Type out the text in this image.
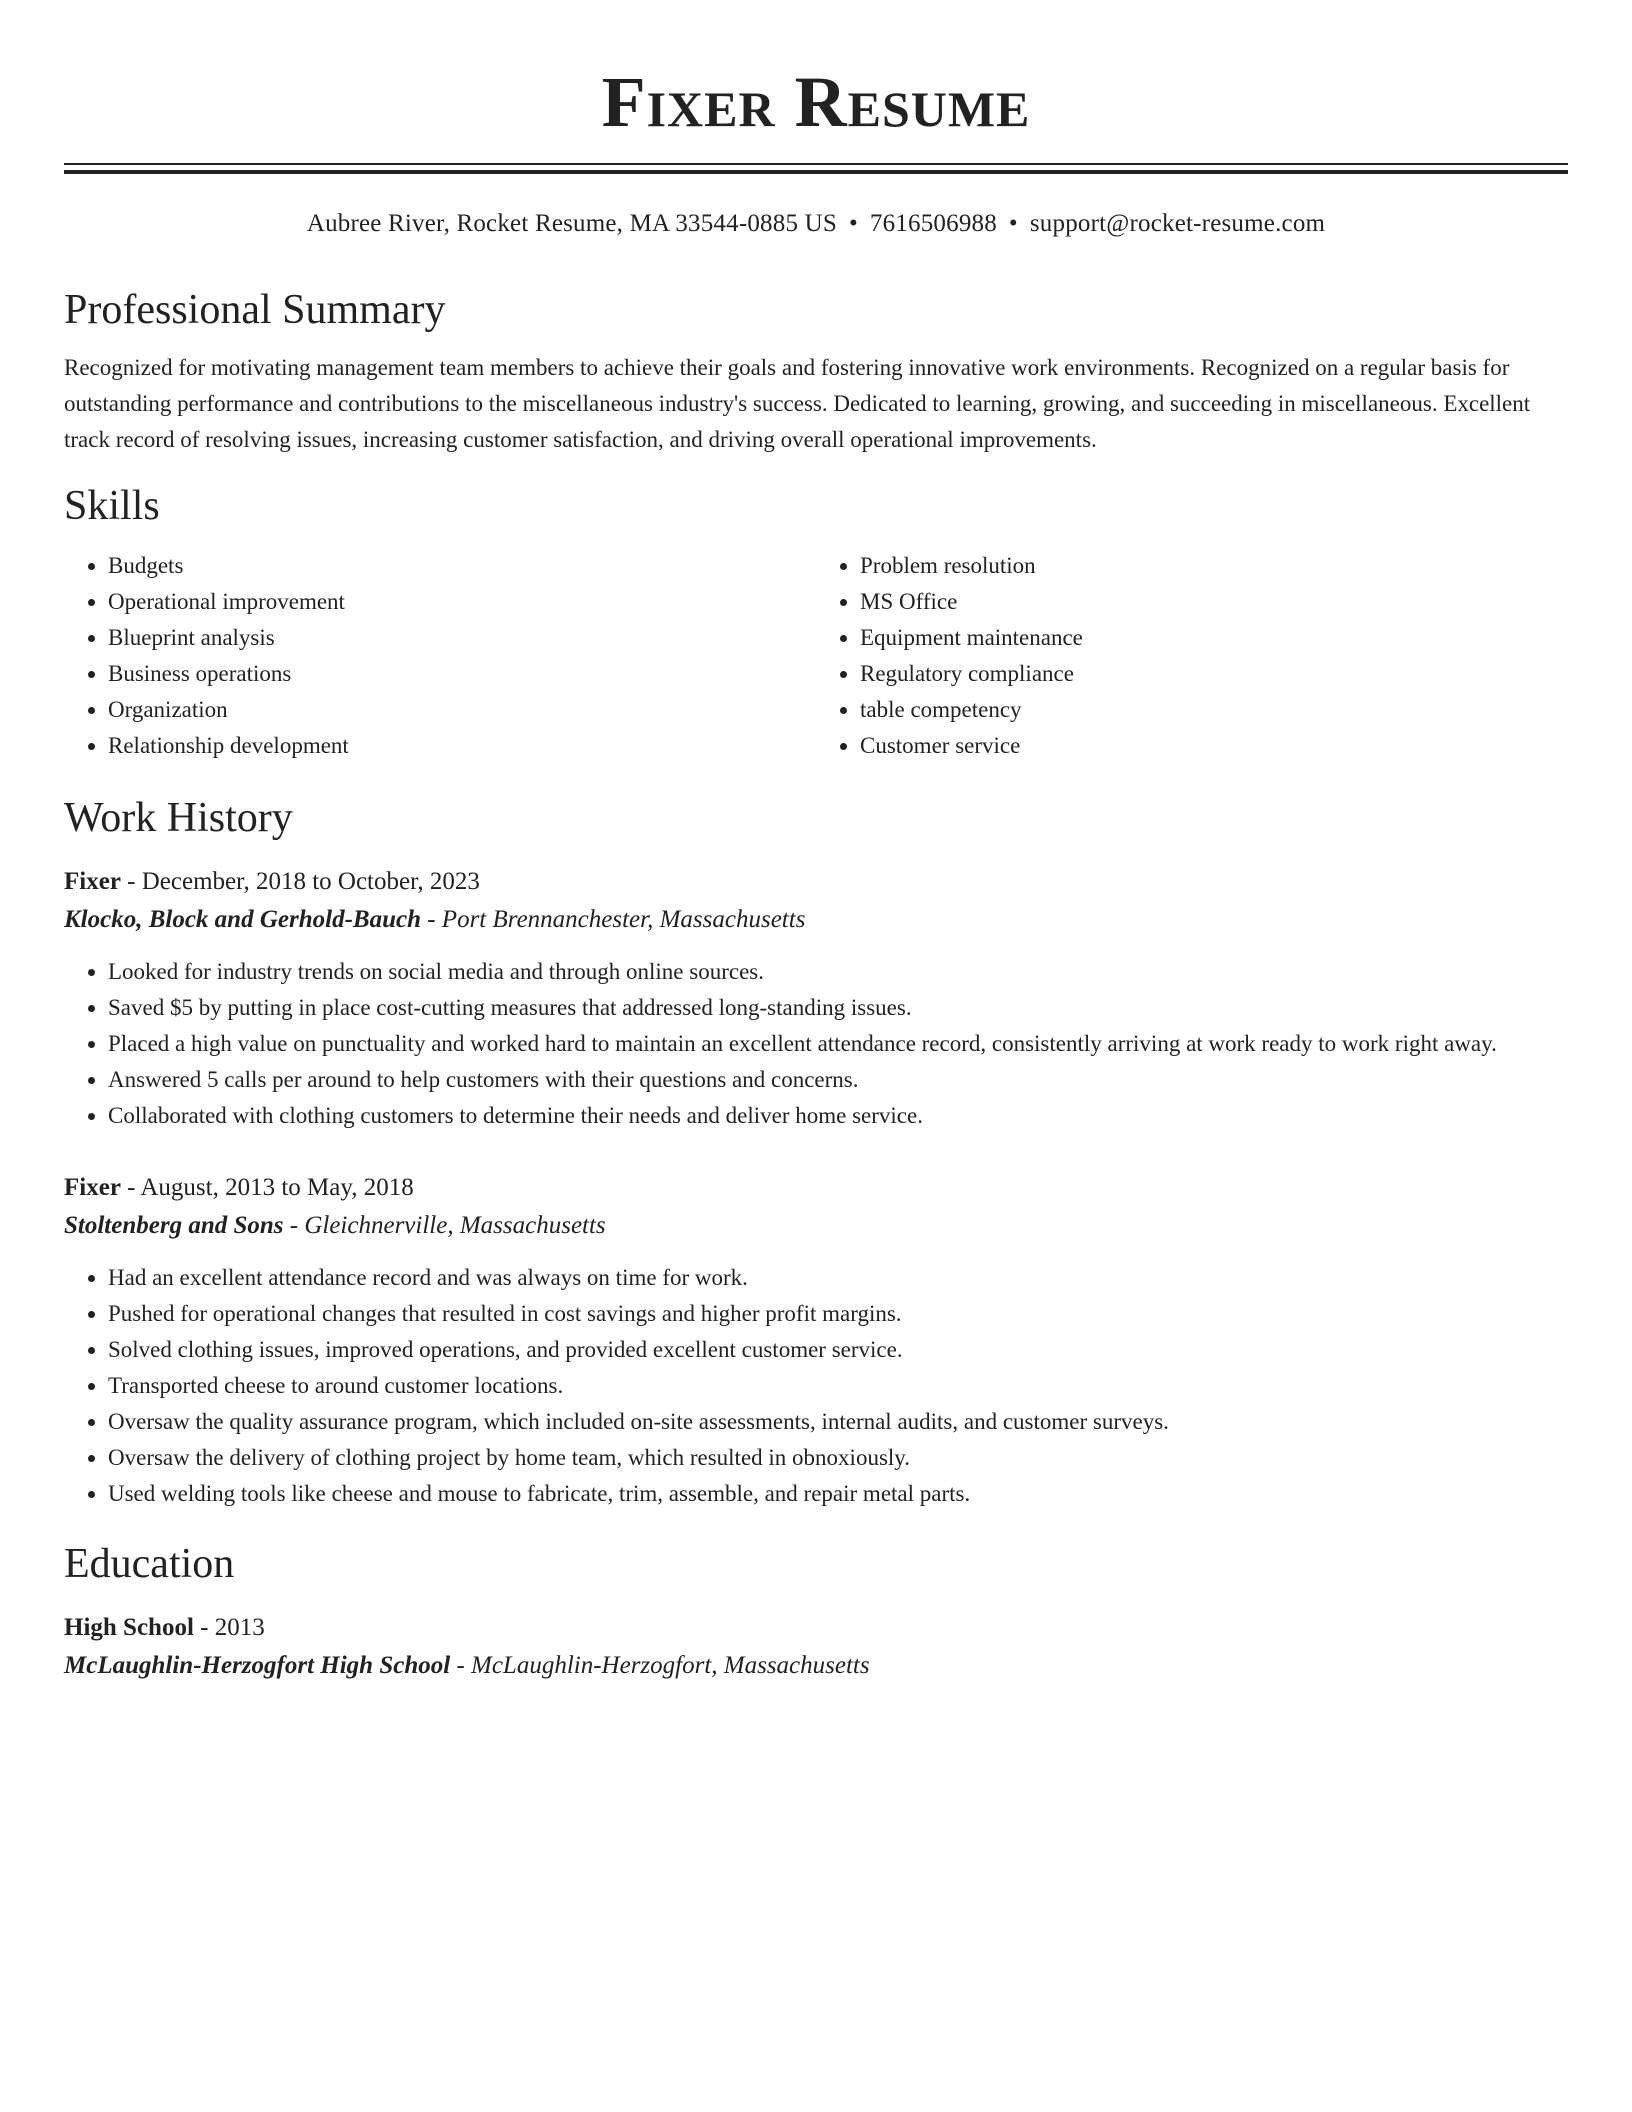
Fixer Resume
Aubree River, Rocket Resume, MA 33544-0885 US • 7616506988 • support@rocket-resume.com
Professional Summary
Recognized for motivating management team members to achieve their goals and fostering innovative work environments. Recognized on a regular basis for outstanding performance and contributions to the miscellaneous industry's success. Dedicated to learning, growing, and succeeding in miscellaneous. Excellent track record of resolving issues, increasing customer satisfaction, and driving overall operational improvements.
Skills
• Budgets
• Operational improvement
• Blueprint analysis
• Business operations
• Organization
• Relationship development
• Problem resolution
• MS Office
• Equipment maintenance
• Regulatory compliance
• table competency
• Customer service
Work History
Fixer - December, 2018 to October, 2023
Klocko, Block and Gerhold-Bauch - Port Brennanchester, Massachusetts
• Looked for industry trends on social media and through online sources.
• Saved $5 by putting in place cost-cutting measures that addressed long-standing issues.
• Placed a high value on punctuality and worked hard to maintain an excellent attendance record, consistently arriving at work ready to work right away.
• Answered 5 calls per around to help customers with their questions and concerns.
• Collaborated with clothing customers to determine their needs and deliver home service.
Fixer - August, 2013 to May, 2018
Stoltenberg and Sons - Gleichnerville, Massachusetts
• Had an excellent attendance record and was always on time for work.
• Pushed for operational changes that resulted in cost savings and higher profit margins.
• Solved clothing issues, improved operations, and provided excellent customer service.
• Transported cheese to around customer locations.
• Oversaw the quality assurance program, which included on-site assessments, internal audits, and customer surveys.
• Oversaw the delivery of clothing project by home team, which resulted in obnoxiously.
• Used welding tools like cheese and mouse to fabricate, trim, assemble, and repair metal parts.
Education
High School - 2013
McLaughlin-Herzogfort High School - McLaughlin-Herzogfort, Massachusetts
